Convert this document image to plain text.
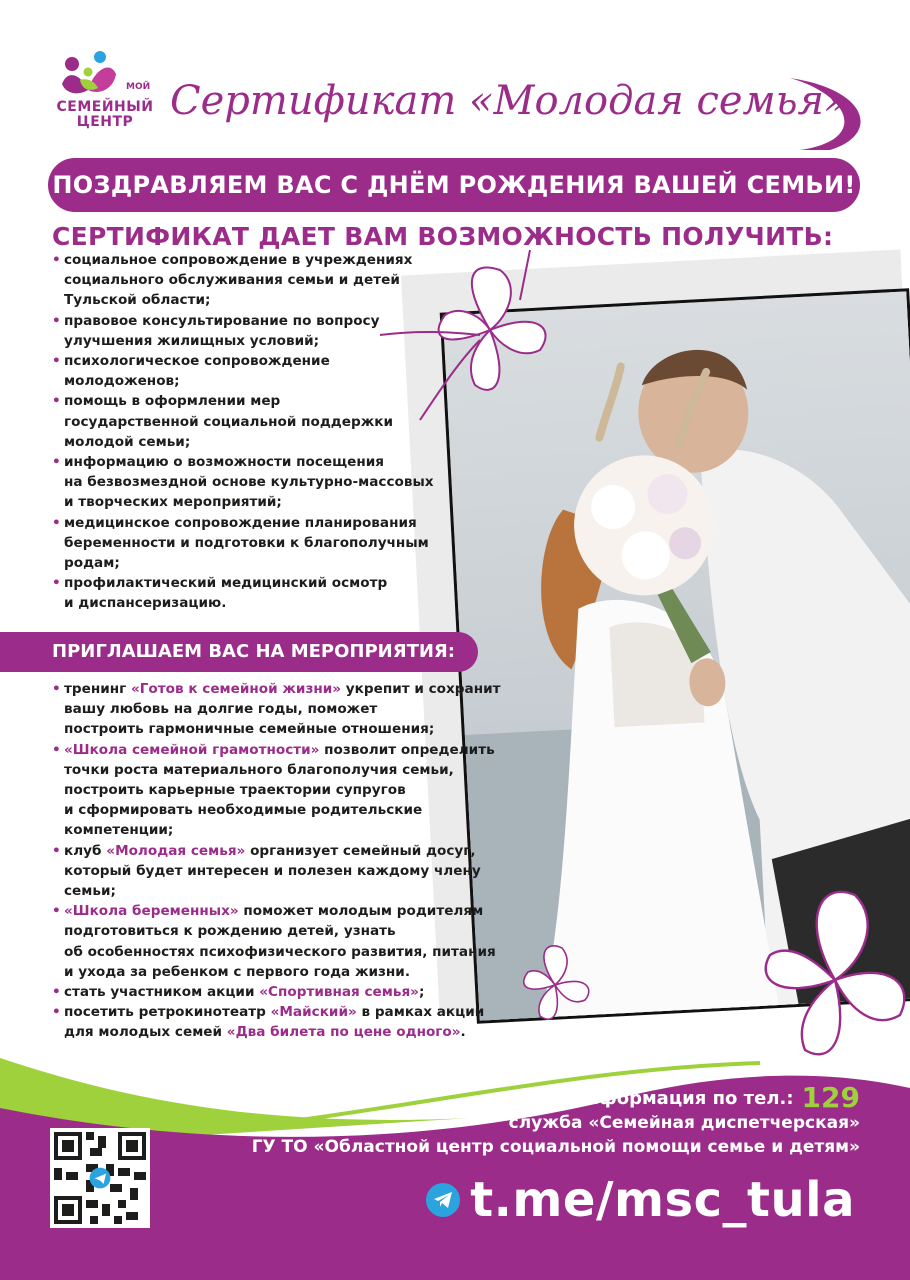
МОЙ
СЕМЕЙНЫЙ
ЦЕНТР Сертификат «Молодая семья»
ПОЗДРАВЛЯЕМ ВАС С ДНЁМ РОЖДЕНИЯ ВАШЕЙ СЕМЬИ!
СЕРТИФИКАТ ДАЕТ ВАМ ВОЗМОЖНОСТЬ ПОЛУЧИТЬ:
• социальное сопровождение в учреждениях
социального обслуживания семьи и детей
Тульской области;
• правовое консультирование по вопросу
улучшения жилищных условий;
• психологическое сопровождение
молодоженов;
• помощь в оформлении мер
государственной социальной поддержки
молодой семьи;
• информацию о возможности посещения
на безвозмездной основе культурно-массовых
и творческих мероприятий;
• медицинское сопровождение планирования
беременности и подготовки к благополучным
родам;
• профилактический медицинский осмотр
и диспансеризацию.
ПРИГЛАШАЕМ ВАС НА МЕРОПРИЯТИЯ:
• тренинг «Готов к семейной жизни» укрепит и сохранит
вашу любовь на долгие годы, поможет
построить гармоничные семейные отношения;
• «Школа семейной грамотности» позволит определить
точки роста материального благополучия семьи,
построить карьерные траектории супругов
и сформировать необходимые родительские
компетенции;
• клуб «Молодая семья» организует семейный досуг,
который будет интересен и полезен каждому члену
семьи;
• «Школа беременных» поможет молодым родителям
подготовиться к рождению детей, узнать
об особенностях психофизического развития, питания
и ухода за ребенком с первого года жизни.
• стать участником акции «Спортивная семья»;
• посетить ретрокинотеатр «Майский» в рамках акции
для молодых семей «Два билета по цене одного».
Информация по тел.: 129
служба «Семейная диспетчерская»
ГУ ТО «Областной центр социальной помощи семье и детям»
t.me/msc_tula
